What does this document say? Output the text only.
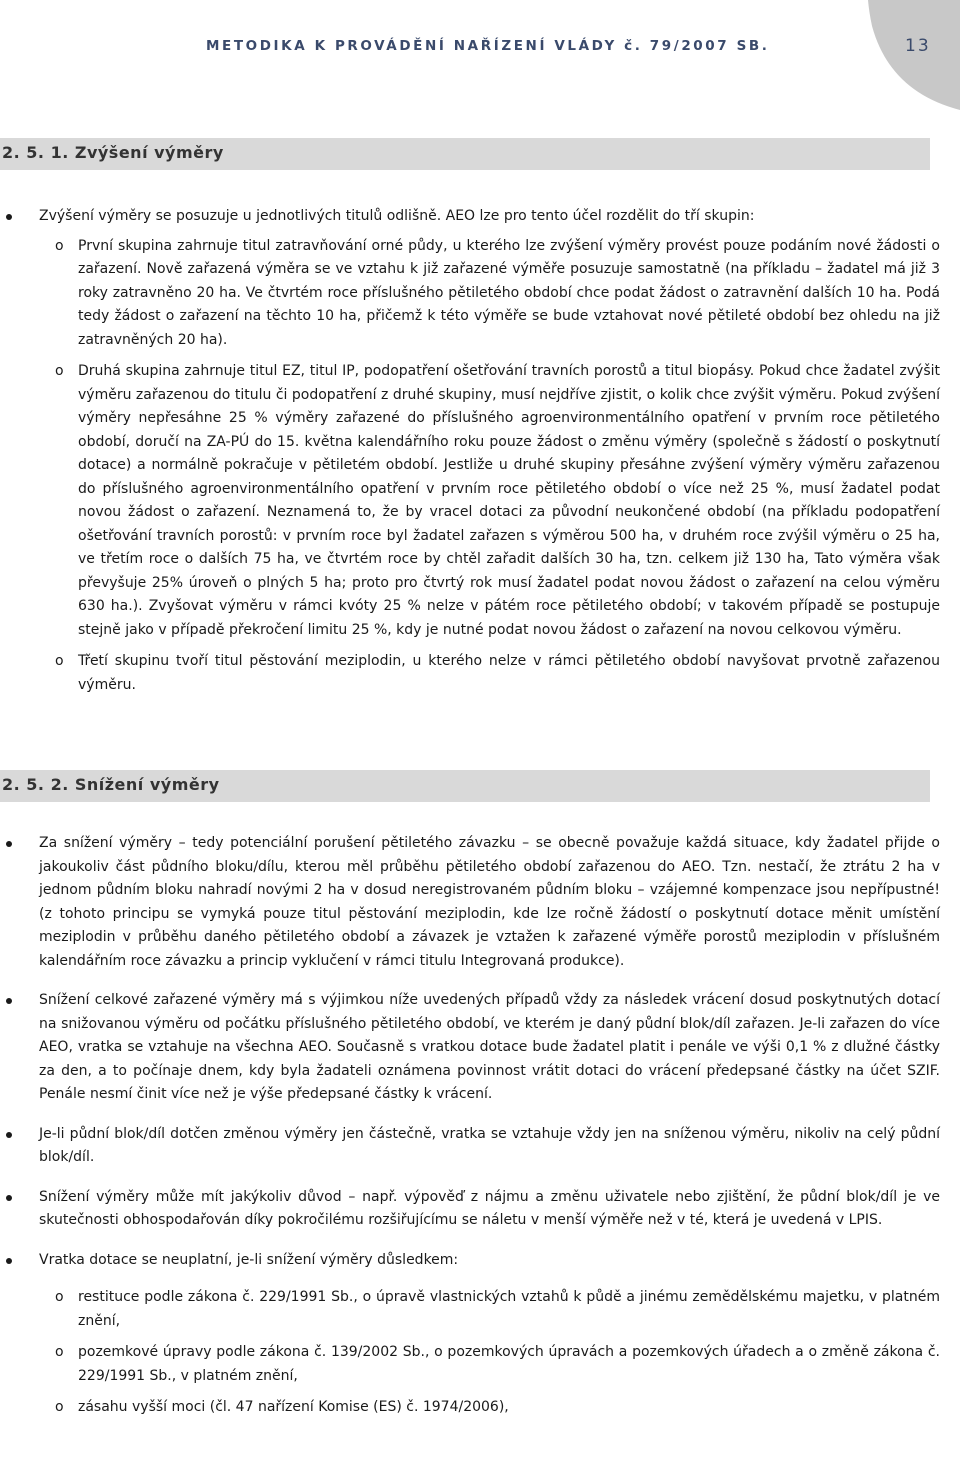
METODIKA K PROVÁDĚNÍ NAŘÍZENÍ VLÁDY č. 79/2007 SB.	13
2. 5. 1. Zvýšení výměry
Zvýšení výměry se posuzuje u jednotlivých titulů odlišně. AEO lze pro tento účel rozdělit do tří skupin:
o První skupina zahrnuje titul zatravňování orné půdy, u kterého lze zvýšení výměry provést pouze podáním nové žádosti o zařazení. Nově zařazená výměra se ve vztahu k již zařazené výměře posuzuje samostatně (na příkladu – žadatel má již 3 roky zatravněno 20 ha. Ve čtvrtém roce příslušného pětiletého období chce podat žádost o zatravnění dalších 10 ha. Podá tedy žádost o zařazení na těchto 10 ha, přičemž k této výměře se bude vztahovat nové pětileté období bez ohledu na již zatravněných 20 ha).
o Druhá skupina zahrnuje titul EZ, titul IP, podopatření ošetřování travních porostů a titul biopásy. Pokud chce žadatel zvýšit výměru zařazenou do titulu či podopatření z druhé skupiny, musí nejdříve zjistit, o kolik chce zvýšit výměru. Pokud zvýšení výměry nepřesáhne 25 % výměry zařazené do příslušného agroenvironmentálního opatření v prvním roce pětiletého období, doručí na ZA-PÚ do 15. května kalendářního roku pouze žádost o změnu výměry (společně s žádostí o poskytnutí dotace) a normálně pokračuje v pětiletém období. Jestliže u druhé skupiny přesáhne zvýšení výměry výměru zařazenou do příslušného agroenvironmentálního opatření v prvním roce pětiletého období o více než 25 %, musí žadatel podat novou žádost o zařazení. Neznamená to, že by vracel dotaci za původní neukončené období (na příkladu podopatření ošetřování travních porostů: v prvním roce byl žadatel zařazen s výměrou 500 ha, v druhém roce zvýšil výměru o 25 ha, ve třetím roce o dalších 75 ha, ve čtvrtém roce by chtěl zařadit dalších 30 ha, tzn. celkem již 130 ha, Tato výměra však převyšuje 25% úroveň o plných 5 ha; proto pro čtvrtý rok musí žadatel podat novou žádost o zařazení na celou výměru 630 ha.). Zvyšovat výměru v rámci kvóty 25 % nelze v pátém roce pětiletého období; v takovém případě se postupuje stejně jako v případě překročení limitu 25 %, kdy je nutné podat novou žádost o zařazení na novou celkovou výměru.
o Třetí skupinu tvoří titul pěstování meziplodin, u kterého nelze v rámci pětiletého období navyšovat prvotně zařazenou výměru.
2. 5. 2. Snížení výměry
Za snížení výměry – tedy potenciální porušení pětiletého závazku – se obecně považuje každá situace, kdy žadatel přijde o jakoukoliv část půdního bloku/dílu, kterou měl průběhu pětiletého období zařazenou do AEO. Tzn. nestačí, že ztrátu 2 ha v jednom půdním bloku nahradí novými 2 ha v dosud neregistrovaném půdním bloku – vzájemné kompenzace jsou nepřípustné! (z tohoto principu se vymyká pouze titul pěstování meziplodin, kde lze ročně žádostí o poskytnutí dotace měnit umístění meziplodin v průběhu daného pětiletého období a závazek je vztažen k zařazené výměře porostů meziplodin v příslušném kalendářním roce závazku a princip vyklučení v rámci titulu Integrovaná produkce).
Snížení celkové zařazené výměry má s výjimkou níže uvedených případů vždy za následek vrácení dosud poskytnutých dotací na snižovanou výměru od počátku příslušného pětiletého období, ve kterém je daný půdní blok/díl zařazen. Je-li zařazen do více AEO, vratka se vztahuje na všechna AEO. Současně s vratkou dotace bude žadatel platit i penále ve výši 0,1 % z dlužné částky za den, a to počínaje dnem, kdy byla žadateli oznámena povinnost vrátit dotaci do vrácení předepsané částky na účet SZIF. Penále nesmí činit více než je výše předepsané částky k vrácení.
Je-li půdní blok/díl dotčen změnou výměry jen částečně, vratka se vztahuje vždy jen na sníženou výměru, nikoliv na celý půdní blok/díl.
Snížení výměry může mít jakýkoliv důvod – např. výpověď z nájmu a změnu uživatele nebo zjištění, že půdní blok/díl je ve skutečnosti obhospodařován díky pokročilému rozšiřujícímu se náletu v menší výměře než v té, která je uvedená v LPIS.
Vratka dotace se neuplatní, je-li snížení výměry důsledkem:
o restituce podle zákona č. 229/1991 Sb., o úpravě vlastnických vztahů k půdě a jinému zemědělskému majetku, v platném znění,
o pozemkové úpravy podle zákona č. 139/2002 Sb., o pozemkových úpravách a pozemkových úřadech a o změně zákona č. 229/1991 Sb., v platném znění,
o zásahu vyšší moci (čl. 47 nařízení Komise (ES) č. 1974/2006),
